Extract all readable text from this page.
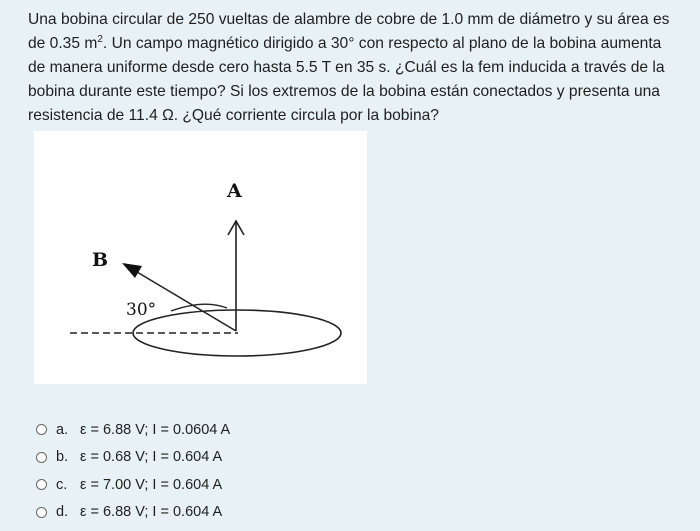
Una bobina circular de 250 vueltas de alambre de cobre de 1.0 mm de diámetro y su área es de 0.35 $m^2$. Un campo magnético dirigido a 30° con respecto al plano de la bobina aumenta de manera uniforme desde cero hasta 5.5 T en 35 s. ¿Cuál es la fem inducida a través de la bobina durante este tiempo? Si los extremos de la bobina están conectados y presenta una resistencia de 11.4 Ω. ¿Qué corriente circula por la bobina?
A
B
30°
a. ε = 6.88 V; I = 0.0604 A
b. ε = 0.68 V; I = 0.604 A
c. ε = 7.00 V; I = 0.604 A
d. ε = 6.88 V; I = 0.604 A
